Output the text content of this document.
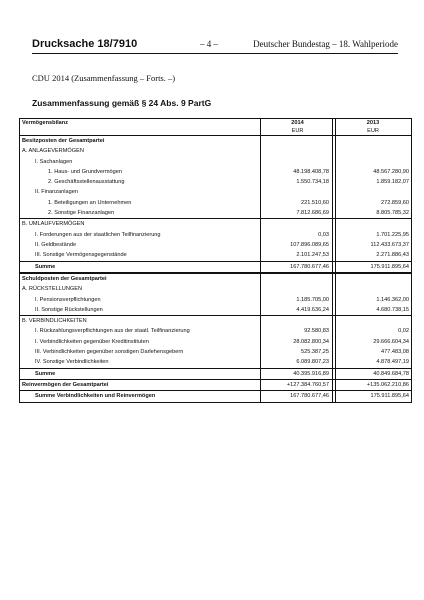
Drucksache 18/7910	– 4 –	Deutscher Bundestag – 18. Wahlperiode
CDU 2014 (Zusammenfassung – Forts. –)
Zusammenfassung gemäß § 24 Abs. 9 PartG
Vermögensbilanz	2014	2013
EUR	EUR
Besitzposten der Gesamtpartei
A. ANLAGEVERMÖGEN
I. Sachanlagen
1. Haus- und Grundvermögen	48.198.408,78	48.567.280,90
2. Geschäftsstellenausstattung	1.550.734,18	1.859.182,07
II. Finanzanlagen
1. Beteiligungen an Unternehmen	221.510,60	272.859,60
2. Sonstige Finanzanlagen	7.812.686,69	8.805.785,32
B. UMLAUFVERMÖGEN
I. Forderungen aus der staatlichen Teilfinanzierung	0,03	1.701.225,95
II. Geldbestände	107.896.089,65	112.433.673,37
III. Sonstige Vermögensgegenstände	2.101.247,53	2.271.886,43
Summe	167.780.677,46	175.911.895,64
Schuldposten der Gesamtpartei
A. RÜCKSTELLUNGEN
I. Pensionsverpflichtungen	1.185.705,00	1.146.362,00
II. Sonstige Rückstellungen	4.419.636,24	4.680.738,15
B. VERBINDLICHKEITEN
I. Rückzahlungsverpflichtungen aus der staatl. Teilfinanzierung	92.580,83	0,02
I. Verbindlichkeiten gegenüber Kreditinstituten	28.082.800,34	29.666.604,34
III. Verbindlichkeiten gegenüber sonstigen Darlehensgebern	525.387,25	477.483,08
IV. Sonstige Verbindlichkeiten	6.089.807,23	4.878.497,19
Summe	40.395.916,89	40.849.684,78
Reinvermögen der Gesamtpartei	+127.384.760,57	+135.062.210,86
Summe Verbindlichkeiten und Reinvermögen	167.780.677,46	175.911.895,64
